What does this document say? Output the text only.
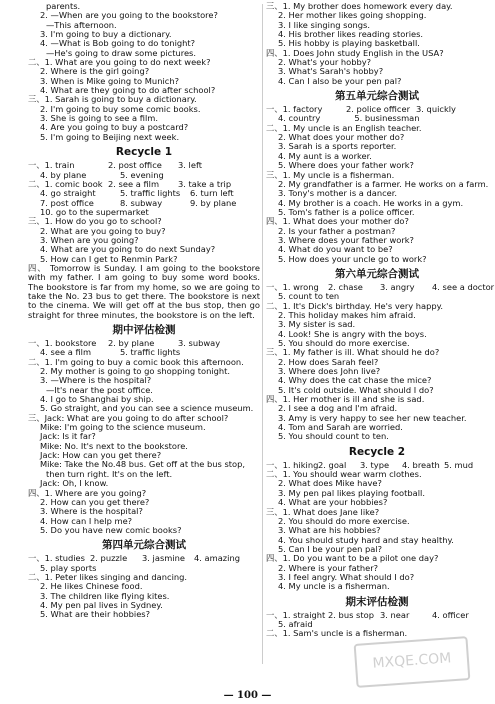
parents.
2. —When are you going to the bookstore?
—This afternoon.
3. I'm going to buy a dictionary.
4. —What is Bob going to do tonight?
—He's going to draw some pictures.
二、1. What are you going to do next week?
2. Where is the girl going?
3. When is Mike going to Munich?
4. What are they going to do after school?
三、1. Sarah is going to buy a dictionary.
2. I'm going to buy some comic books.
3. She is going to see a film.
4. Are you going to buy a postcard?
5. I'm going to Beijing next week.
Recycle 1
一、1. train	2. post office	3. left
4. by plane	5. evening
二、1. comic book 2. see a film	3. take a trip
4. go straight	5. traffic lights	6. turn left
7. post office	8. subway	9. by plane
10. go to the supermarket
三、1. How do you go to school?
2. What are you going to buy?
3. When are you going?
4. What are you going to do next Sunday?
5. How can I get to Renmin Park?
四、 Tomorrow is Sunday. I am going to the bookstore with my father. I am going to buy some word books. The bookstore is far from my home, so we are going to take the No. 23 bus to get there. The bookstore is next to the cinema. We will get off at the bus stop, then go straight for three minutes, the bookstore is on the left.
期中评估检测
一、1. bookstore	2. by plane	3. subway
4. see a film	5. traffic lights
二、1. I'm going to buy a comic book this afternoon.
2. My mother is going to go shopping tonight.
3. —Where is the hospital?
—It's near the post office.
4. I go to Shanghai by ship.
5. Go straight, and you can see a science museum.
三、Jack: What are you going to do after school?
Mike: I'm going to the science museum.
Jack: Is it far?
Mike: No. It's next to the bookstore.
Jack: How can you get there?
Mike: Take the No.48 bus. Get off at the bus stop,
then turn right. It's on the left.
Jack: Oh, I know.
四、1. Where are you going?
2. How can you get there?
3. Where is the hospital?
4. How can I help me?
5. Do you have new comic books?
第四单元综合测试
一、1. studies 2. puzzle	3. jasmine	4. amazing
5. play sports
二、1. Peter likes singing and dancing.
2. He likes Chinese food.
3. The children like flying kites.
4. My pen pal lives in Sydney.
5. What are their hobbies?
三、1. My brother does homework every day.
2. Her mother likes going shopping.
3. I like singing songs.
4. His brother likes reading stories.
5. His hobby is playing basketball.
四、1. Does John study English in the USA?
2. What's your hobby?
3. What's Sarah's hobby?
4. Can I also be your pen pal?
第五单元综合测试
一、1. factory	2. police officer 3. quickly
4. country	5. businessman
二、1. My uncle is an English teacher.
2. What does your mother do?
3. Sarah is a sports reporter.
4. My aunt is a worker.
5. Where does your father work?
三、1. My uncle is a fisherman.
2. My grandfather is a farmer. He works on a farm.
3. Tony's mother is a dancer.
4. My brother is a coach. He works in a gym.
5. Tom's father is a police officer.
四、1. What does your mother do?
2. Is your father a postman?
3. Where does your father work?
4. What do you want to be?
5. How does your uncle go to work?
第六单元综合测试
一、1. wrong	2. chase	3. angry	4. see a doctor
5. count to ten
二、1. It's Dick's birthday. He's very happy.
2. This holiday makes him afraid.
3. My sister is sad.
4. Look! She is angry with the boys.
5. You should do more exercise.
三、1. My father is ill. What should he do?
2. How does Sarah feel?
3. Where does John live?
4. Why does the cat chase the mice?
5. It's cold outside. What should I do?
四、1. Her mother is ill and she is sad.
2. I see a dog and I'm afraid.
3. Amy is very happy to see her new teacher.
4. Tom and Sarah are worried.
5. You should count to ten.
Recycle 2
一、1. hiking 2. goal	3. type	4. breath 5. mud
二、1. You should wear warm clothes.
2. What does Mike have?
3. My pen pal likes playing football.
4. What are your hobbies?
三、1. What does Jane like?
2. You should do more exercise.
3. What are his hobbies?
4. You should study hard and stay healthy.
5. Can I be your pen pal?
四、1. Do you want to be a pilot one day?
2. Where is your father?
3. I feel angry. What should I do?
4. My uncle is a fisherman.
期末评估检测
一、1. straight 2. bus stop 3. near	4. officer
5. afraid
二、1. Sam's uncle is a fisherman.
MXQE.COM
— 100 —
